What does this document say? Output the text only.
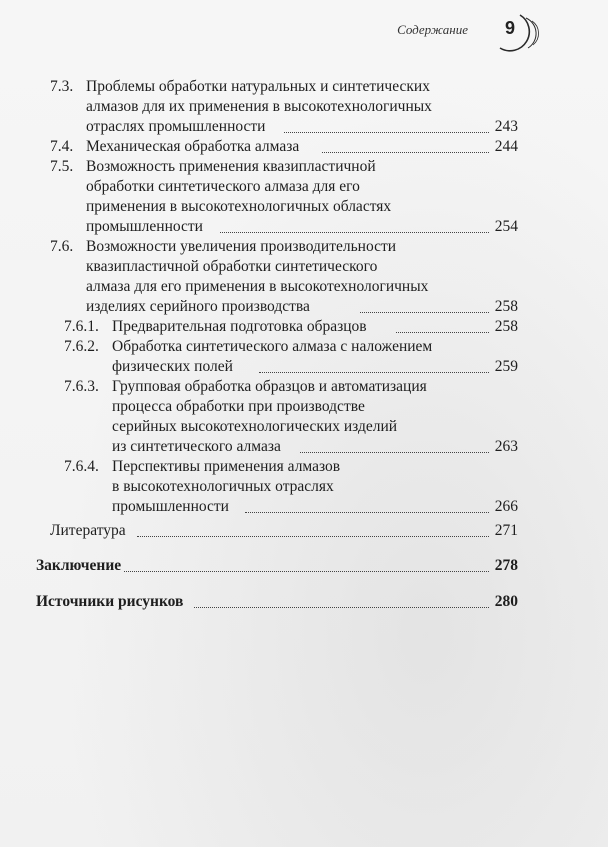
Содержание 9
7.3. Проблемы обработки натуральных и синтетических
алмазов для их применения в высокотехнологичных
отраслях промышленности	243
7.4. Механическая обработка алмаза	244
7.5. Возможность применения квазипластичной
обработки синтетического алмаза для его
применения в высокотехнологичных областях
промышленности	254
7.6. Возможности увеличения производительности
квазипластичной обработки синтетического
алмаза для его применения в высокотехнологичных
изделиях серийного производства	258
7.6.1. Предварительная подготовка образцов	258
7.6.2. Обработка синтетического алмаза с наложением
физических полей	259
7.6.3. Групповая обработка образцов и автоматизация
процесса обработки при производстве
серийных высокотехнологических изделий
из синтетического алмаза	263
7.6.4. Перспективы применения алмазов
в высокотехнологичных отраслях
промышленности	266
Литература	271
Заключение	278
Источники рисунков	280
